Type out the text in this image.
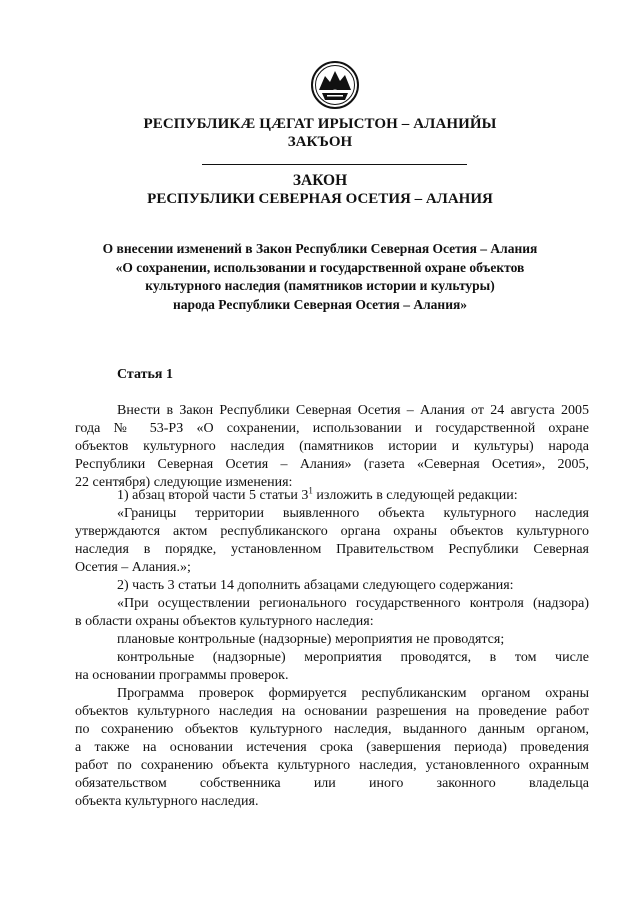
РЕСПУБЛИКӔ ЦӔГАТ ИРЫСТОН – АЛАНИЙЫ
ЗАКЪОН
ЗАКОН
РЕСПУБЛИКИ СЕВЕРНАЯ ОСЕТИЯ – АЛАНИЯ
О внесении изменений в Закон Республики Северная Осетия – Алания
«О сохранении, использовании и государственной охране объектов
культурного наследия (памятников истории и культуры)
народа Республики Северная Осетия – Алания»
Статья 1
Внести в Закон Республики Северная Осетия – Алания от 24 августа 2005
года № 53-РЗ «О сохранении, использовании и государственной охране
объектов культурного наследия (памятников истории и культуры) народа
Республики Северная Осетия – Алания» (газета «Северная Осетия», 2005,
22 сентября) следующие изменения:
1) абзац второй части 5 статьи $3^1$ изложить в следующей редакции:
«Границы территории выявленного объекта культурного наследия
утверждаются актом республиканского органа охраны объектов культурного
наследия в порядке, установленном Правительством Республики Северная
Осетия – Алания.»;
2) часть 3 статьи 14 дополнить абзацами следующего содержания:
«При осуществлении регионального государственного контроля (надзора)
в области охраны объектов культурного наследия:
плановые контрольные (надзорные) мероприятия не проводятся;
контрольные (надзорные) мероприятия проводятся, в том числе
на основании программы проверок.
Программа проверок формируется республиканским органом охраны
объектов культурного наследия на основании разрешения на проведение работ
по сохранению объектов культурного наследия, выданного данным органом,
а также на основании истечения срока (завершения периода) проведения
работ по сохранению объекта культурного наследия, установленного охранным
обязательством собственника или иного законного владельца
объекта культурного наследия.
